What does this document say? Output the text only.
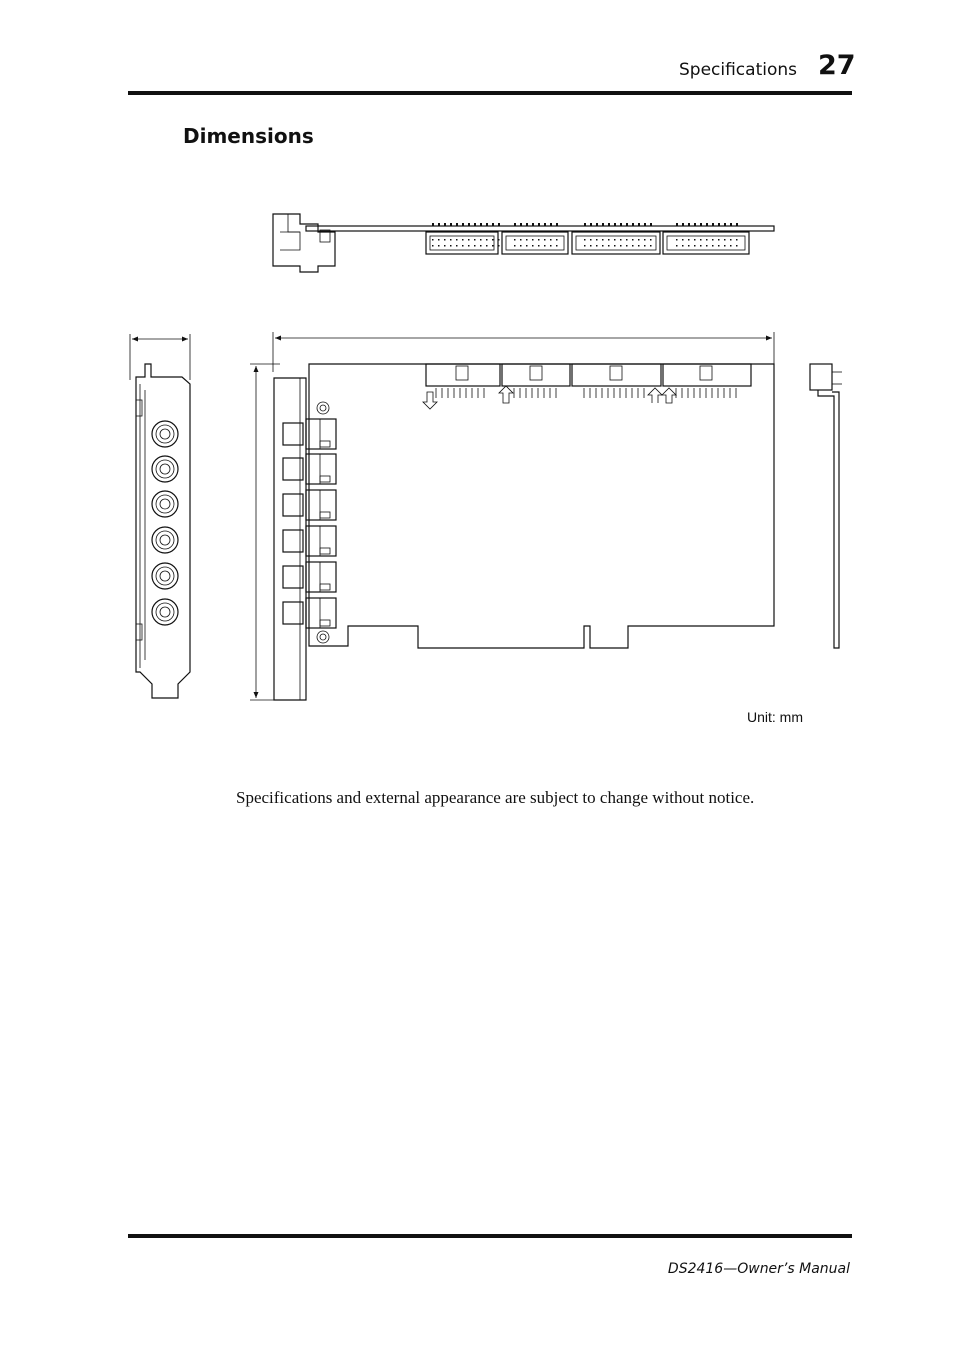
Specifications 27
Dimensions
Unit: mm
Specifications and external appearance are subject to change without notice.
DS2416—Owner’s Manual
